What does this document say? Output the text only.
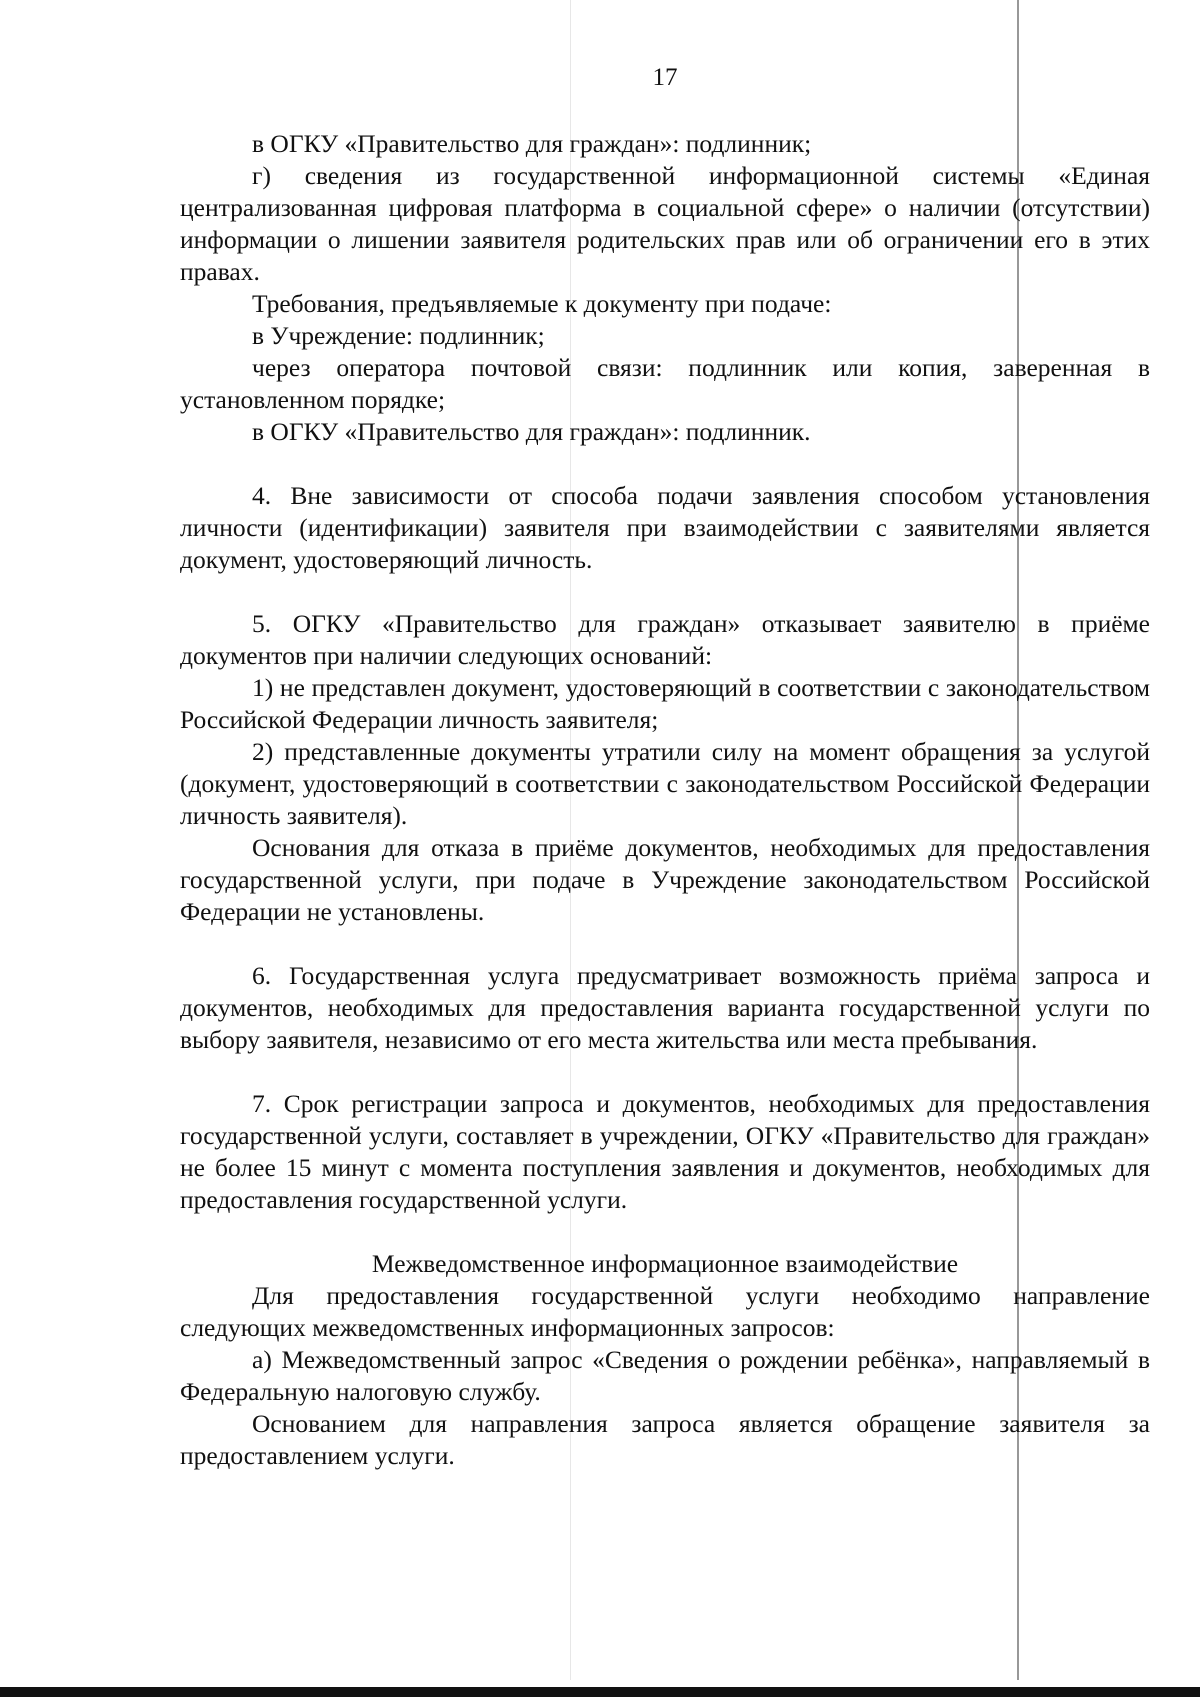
17

в ОГКУ «Правительство для граждан»: подлинник;

г) сведения из государственной информационной системы «Единая централизованная цифровая платформа в социальной сфере» о наличии (отсутствии) информации о лишении заявителя родительских прав или об ограничении его в этих правах.

Требования, предъявляемые к документу при подаче:

в Учреждение: подлинник;

через оператора почтовой связи: подлинник или копия, заверенная в установленном порядке;

в ОГКУ «Правительство для граждан»: подлинник.

4. Вне зависимости от способа подачи заявления способом установления личности (идентификации) заявителя при взаимодействии с заявителями является документ, удостоверяющий личность.

5. ОГКУ «Правительство для граждан» отказывает заявителю в приёме документов при наличии следующих оснований:

1) не представлен документ, удостоверяющий в соответствии с законодательством Российской Федерации личность заявителя;

2) представленные документы утратили силу на момент обращения за услугой (документ, удостоверяющий в соответствии с законодательством Российской Федерации личность заявителя).

Основания для отказа в приёме документов, необходимых для предоставления государственной услуги, при подаче в Учреждение законодательством Российской Федерации не установлены.

6. Государственная услуга предусматривает возможность приёма запроса и документов, необходимых для предоставления варианта государственной услуги по выбору заявителя, независимо от его места жительства или места пребывания.

7. Срок регистрации запроса и документов, необходимых для предоставления государственной услуги, составляет в учреждении, ОГКУ «Правительство для граждан» не более 15 минут с момента поступления заявления и документов, необходимых для предоставления государственной услуги.

Межведомственное информационное взаимодействие

Для предоставления государственной услуги необходимо направление следующих межведомственных информационных запросов:

а) Межведомственный запрос «Сведения о рождении ребёнка», направляемый в Федеральную налоговую службу.

Основанием для направления запроса является обращение заявителя за предоставлением услуги.
